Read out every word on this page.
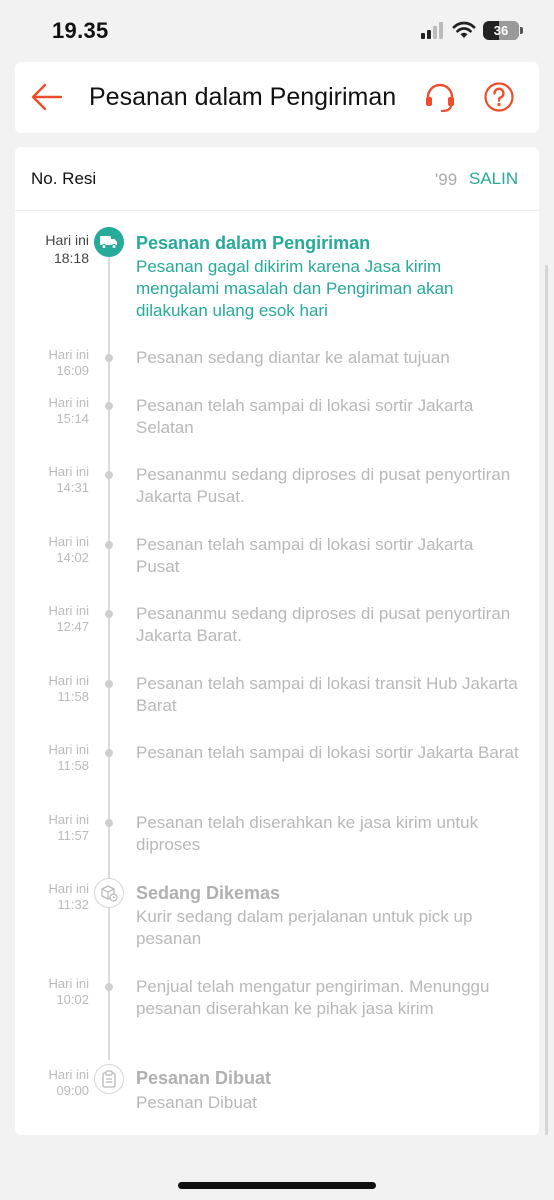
19.35	36
Pesanan dalam Pengiriman
No. Resi	'99 SALIN
Hari ini
18:18
Pesanan dalam Pengiriman
Pesanan gagal dikirim karena Jasa kirim mengalami masalah dan Pengiriman akan dilakukan ulang esok hari
Hari ini
16:09
Pesanan sedang diantar ke alamat tujuan
Hari ini
15:14
Pesanan telah sampai di lokasi sortir Jakarta Selatan
Hari ini
14:31
Pesananmu sedang diproses di pusat penyortiran Jakarta Pusat.
Hari ini
14:02
Pesanan telah sampai di lokasi sortir Jakarta Pusat
Hari ini
12:47
Pesananmu sedang diproses di pusat penyortiran Jakarta Barat.
Hari ini
11:58
Pesanan telah sampai di lokasi transit Hub Jakarta Barat
Hari ini
11:58
Pesanan telah sampai di lokasi sortir Jakarta Barat
Hari ini
11:57
Pesanan telah diserahkan ke jasa kirim untuk diproses
Hari ini
11:32
Sedang Dikemas
Kurir sedang dalam perjalanan untuk pick up pesanan
Hari ini
10:02
Penjual telah mengatur pengiriman. Menunggu pesanan diserahkan ke pihak jasa kirim
Hari ini
09:00
Pesanan Dibuat
Pesanan Dibuat
